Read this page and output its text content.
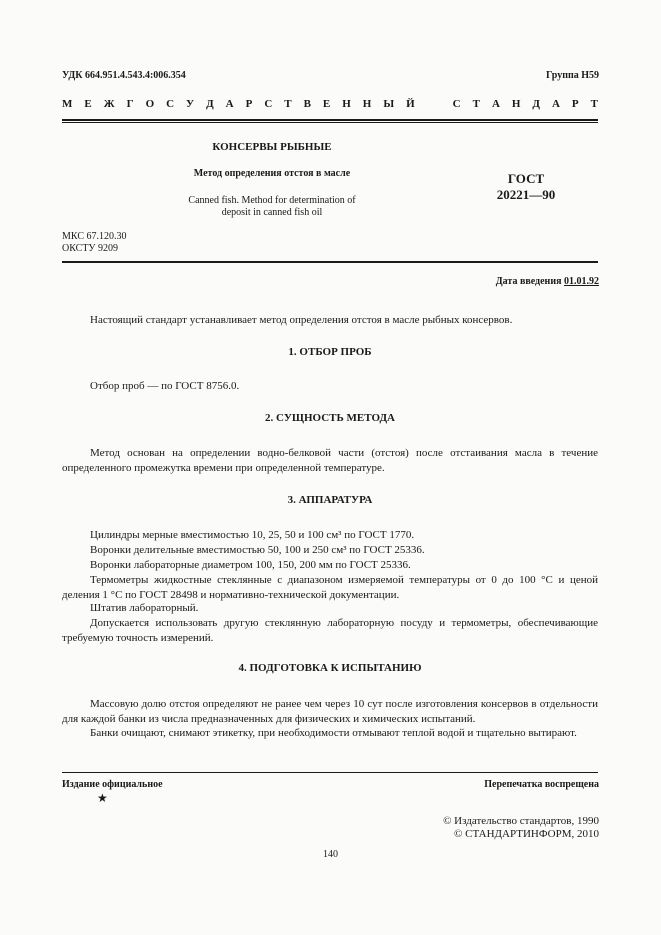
УДК 664.951.4.543.4:006.354	Группа Н59
М Е Ж Г О С У Д А Р С Т В Е Н Н Ы Й	С Т А Н Д А Р Т
КОНСЕРВЫ РЫБНЫЕ
Метод определения отстоя в масле
Canned fish. Method for determination of
deposit in canned fish oil
ГОСТ
20221—90
МКС 67.120.30
ОКСТУ 9209
Дата введения 01.01.92
Настоящий стандарт устанавливает метод определения отстоя в масле рыбных консервов.
1. ОТБОР ПРОБ
Отбор проб — по ГОСТ 8756.0.
2. СУЩНОСТЬ МЕТОДА
Метод основан на определении водно-белковой части (отстоя) после отстаивания масла в течение определенного промежутка времени при определенной температуре.
3. АППАРАТУРА
Цилиндры мерные вместимостью 10, 25, 50 и 100 см³ по ГОСТ 1770.
Воронки делительные вместимостью 50, 100 и 250 см³ по ГОСТ 25336.
Воронки лабораторные диаметром 100, 150, 200 мм по ГОСТ 25336.
Термометры жидкостные стеклянные с диапазоном измеряемой температуры от 0 до 100 °С и ценой деления 1 °С по ГОСТ 28498 и нормативно-технической документации.
Штатив лабораторный.
Допускается использовать другую стеклянную лабораторную посуду и термометры, обеспечивающие требуемую точность измерений.
4. ПОДГОТОВКА К ИСПЫТАНИЮ
Массовую долю отстоя определяют не ранее чем через 10 сут после изготовления консервов в отдельности для каждой банки из числа предназначенных для физических и химических испытаний.
Банки очищают, снимают этикетку, при необходимости отмывают теплой водой и тщательно вытирают.
Издание официальное
★
Перепечатка воспрещена
© Издательство стандартов, 1990
© СТАНДАРТИНФОРМ, 2010
140
